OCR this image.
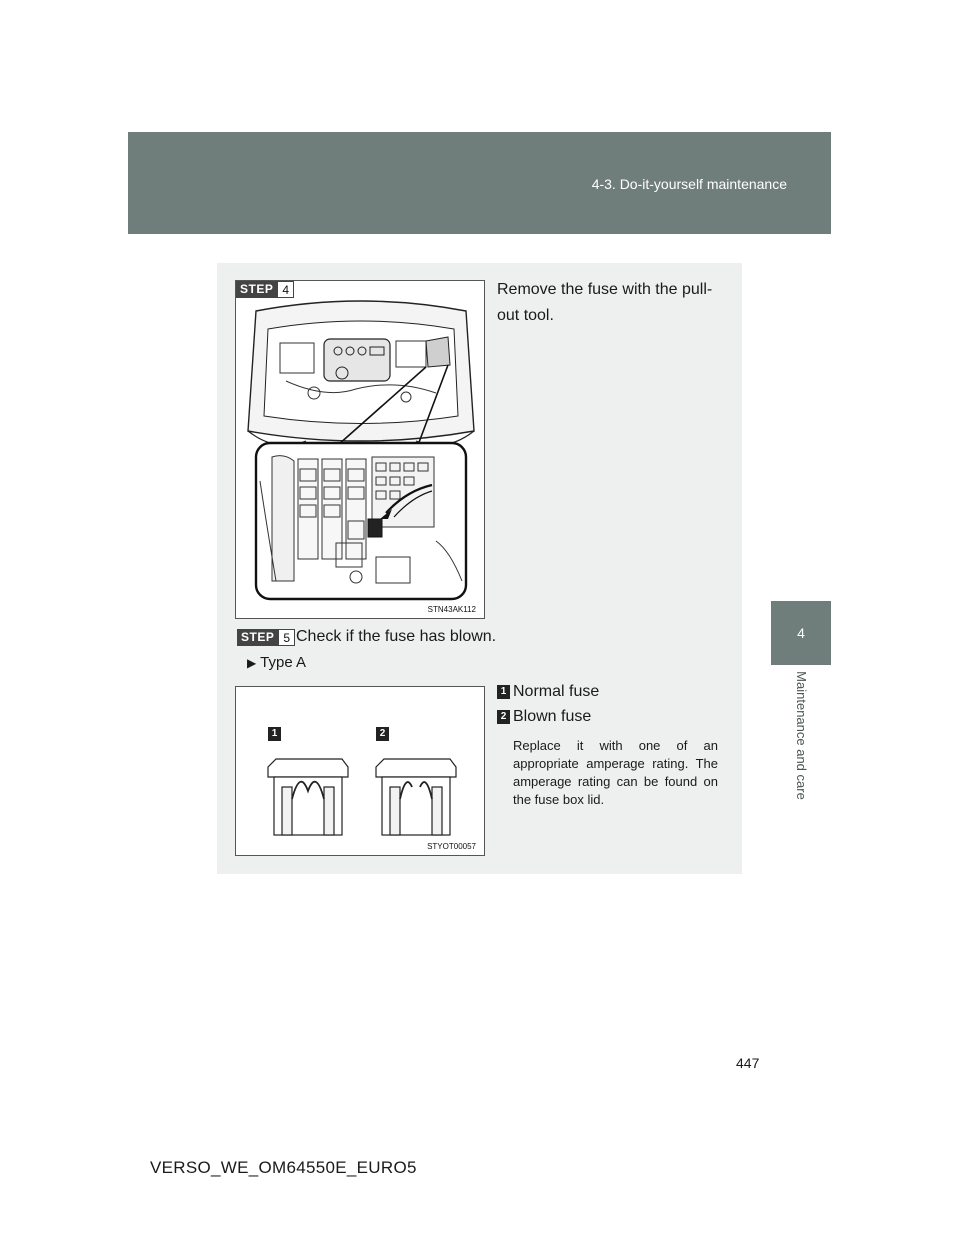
4-3. Do-it-yourself maintenance
4
Maintenance and care
STEP 4
STN43AK112
Remove the fuse with the pull-out tool.
STEP 5 Check if the fuse has blown.
▶ Type A
1	2
STYOT00057
1 Normal fuse
2 Blown fuse
Replace it with one of an appropriate amperage rating. The amperage rating can be found on the fuse box lid.
447
VERSO_WE_OM64550E_EURO5
